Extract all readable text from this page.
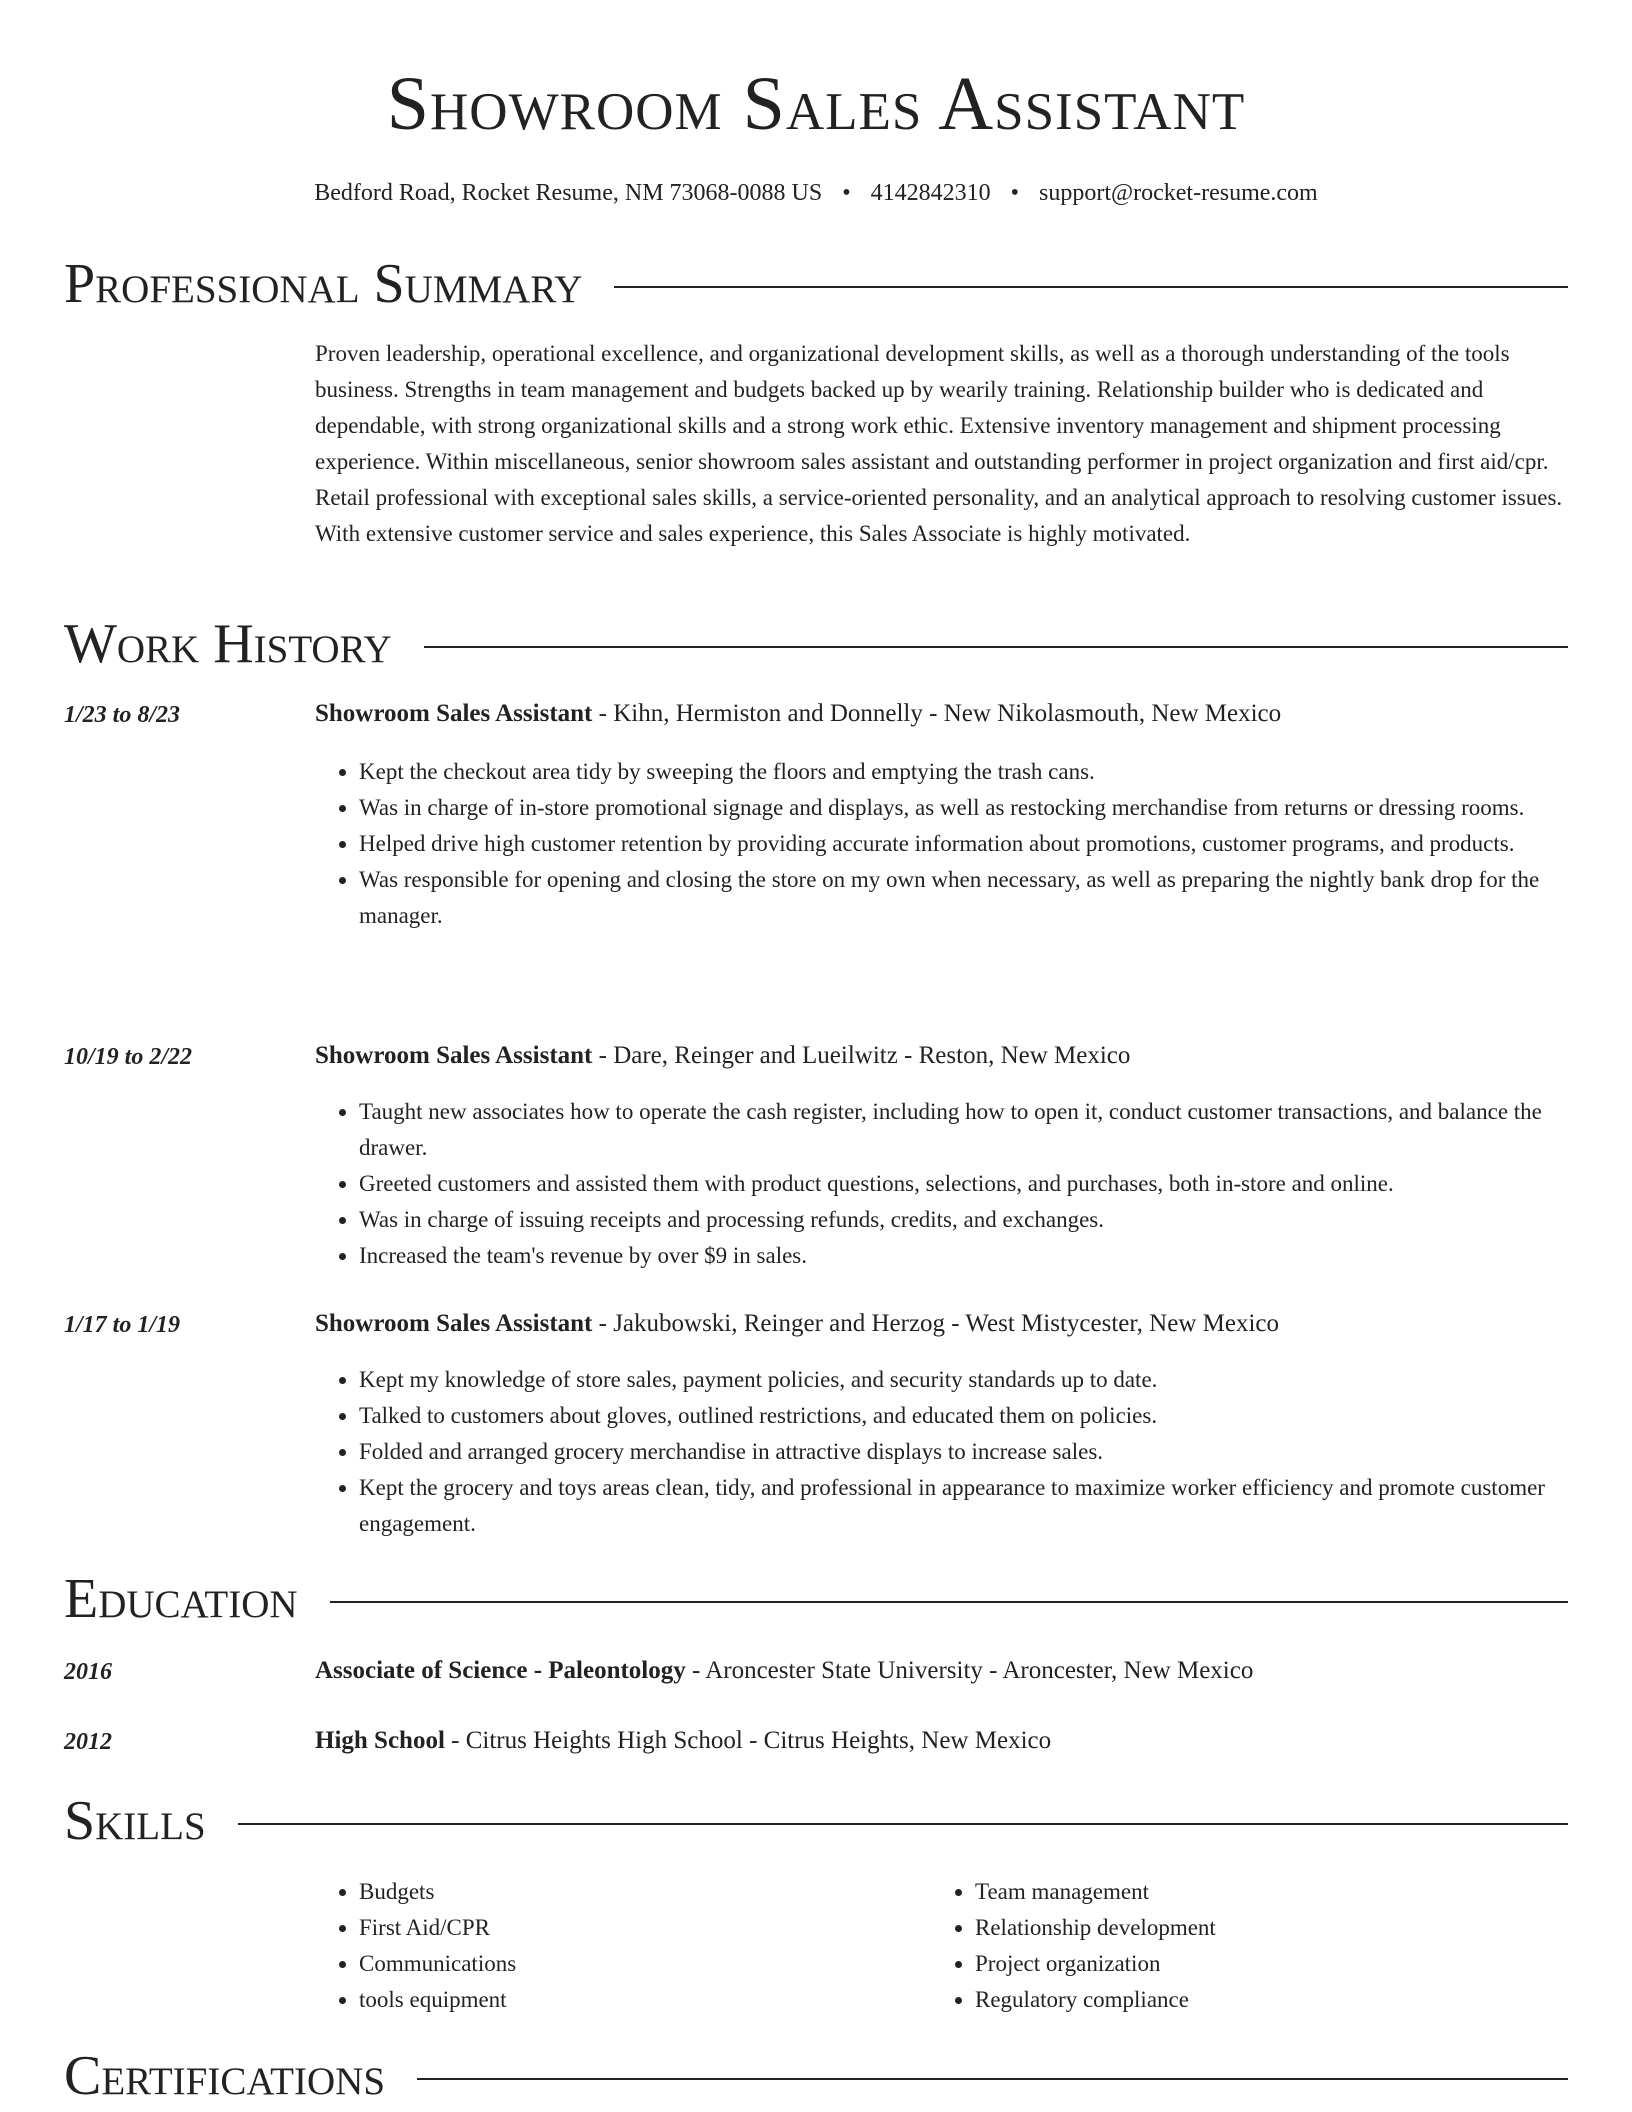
Showroom Sales Assistant
Bedford Road, Rocket Resume, NM 73068-0088 US • 4142842310 • support@rocket-resume.com
Professional Summary

Proven leadership, operational excellence, and organizational development skills, as well as a thorough understanding of the tools business. Strengths in team management and budgets backed up by wearily training. Relationship builder who is dedicated and dependable, with strong organizational skills and a strong work ethic. Extensive inventory management and shipment processing experience. Within miscellaneous, senior showroom sales assistant and outstanding performer in project organization and first aid/cpr. Retail professional with exceptional sales skills, a service-oriented personality, and an analytical approach to resolving customer issues. With extensive customer service and sales experience, this Sales Associate is highly motivated.

Work History
1/23 to 8/23	Showroom Sales Assistant - Kihn, Hermiston and Donnelly - New Nikolasmouth, New Mexico
• Kept the checkout area tidy by sweeping the floors and emptying the trash cans.
• Was in charge of in-store promotional signage and displays, as well as restocking merchandise from returns or dressing rooms.
• Helped drive high customer retention by providing accurate information about promotions, customer programs, and products.
• Was responsible for opening and closing the store on my own when necessary, as well as preparing the nightly bank drop for the manager.
10/19 to 2/22	Showroom Sales Assistant - Dare, Reinger and Lueilwitz - Reston, New Mexico
• Taught new associates how to operate the cash register, including how to open it, conduct customer transactions, and balance the drawer.
• Greeted customers and assisted them with product questions, selections, and purchases, both in-store and online.
• Was in charge of issuing receipts and processing refunds, credits, and exchanges.
• Increased the team's revenue by over $9 in sales.
1/17 to 1/19	Showroom Sales Assistant - Jakubowski, Reinger and Herzog - West Mistycester, New Mexico
• Kept my knowledge of store sales, payment policies, and security standards up to date.
• Talked to customers about gloves, outlined restrictions, and educated them on policies.
• Folded and arranged grocery merchandise in attractive displays to increase sales.
• Kept the grocery and toys areas clean, tidy, and professional in appearance to maximize worker efficiency and promote customer engagement.
Education
2016	Associate of Science - Paleontology - Aroncester State University - Aroncester, New Mexico
2012	High School - Citrus Heights High School - Citrus Heights, New Mexico
Skills
• Budgets
• First Aid/CPR
• Communications
• tools equipment
• Team management
• Relationship development
• Project organization
• Regulatory compliance
Certifications
